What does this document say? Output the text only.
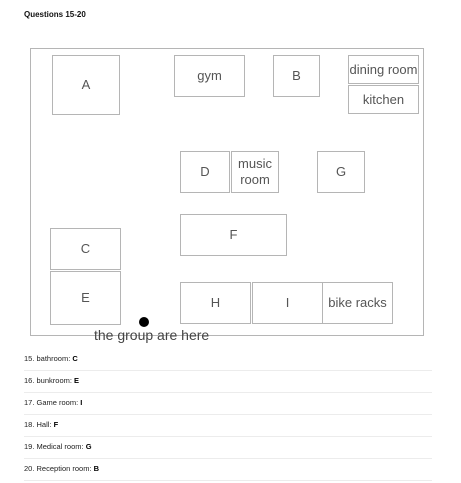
Questions 15-20
A
gym	B	dining room
kitchen
D
music
room
G
F
C
E	H	I	bike racks
the group are here
15. bathroom: C
16. bunkroom: E
17. Game room: I
18. Hall: F
19. Medical room: G
20. Reception room: B
